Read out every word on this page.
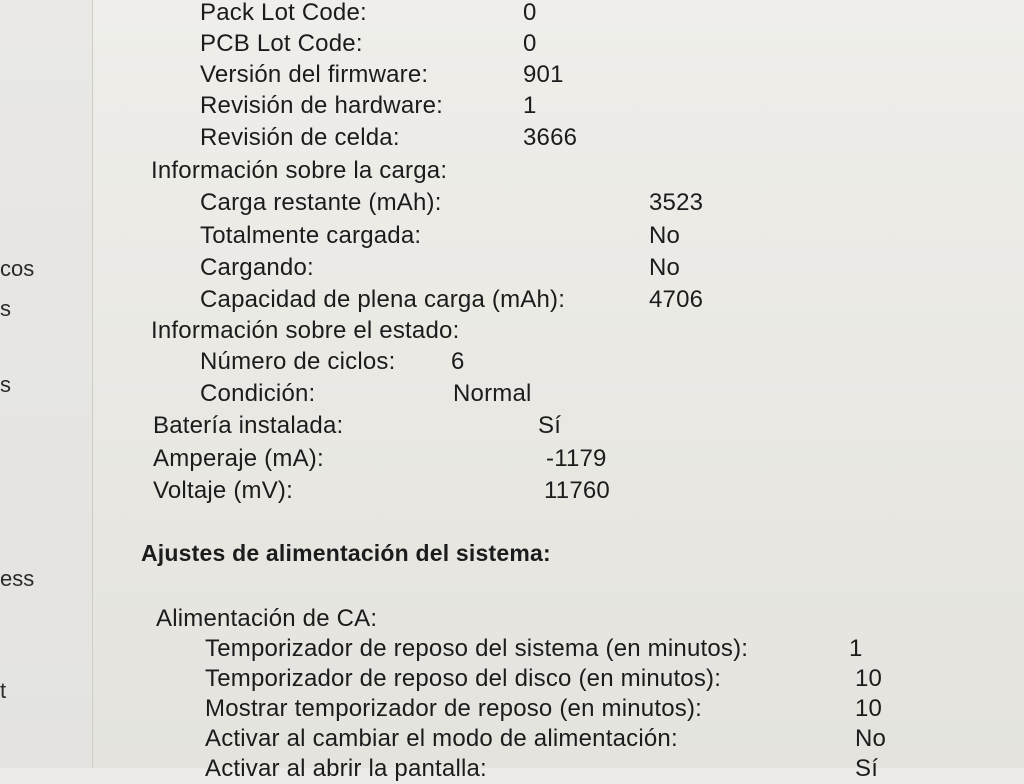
cos
s
s
ess
t
Pack Lot Code:	0
PCB Lot Code:	0
Versión del firmware:	901
Revisión de hardware:	1
Revisión de celda:	3666
Información sobre la carga:
Carga restante (mAh):	3523
Totalmente cargada:	No
Cargando:	No
Capacidad de plena carga (mAh):	4706
Información sobre el estado:
Número de ciclos: 6
Condición:	Normal
Batería instalada:	Sí
Amperaje (mA):	-1179
Voltaje (mV):	11760
Ajustes de alimentación del sistema:
Alimentación de CA:
Temporizador de reposo del sistema (en minutos):	1
Temporizador de reposo del disco (en minutos):	10
Mostrar temporizador de reposo (en minutos):	10
Activar al cambiar el modo de alimentación:	No
Activar al abrir la pantalla:	Sí
